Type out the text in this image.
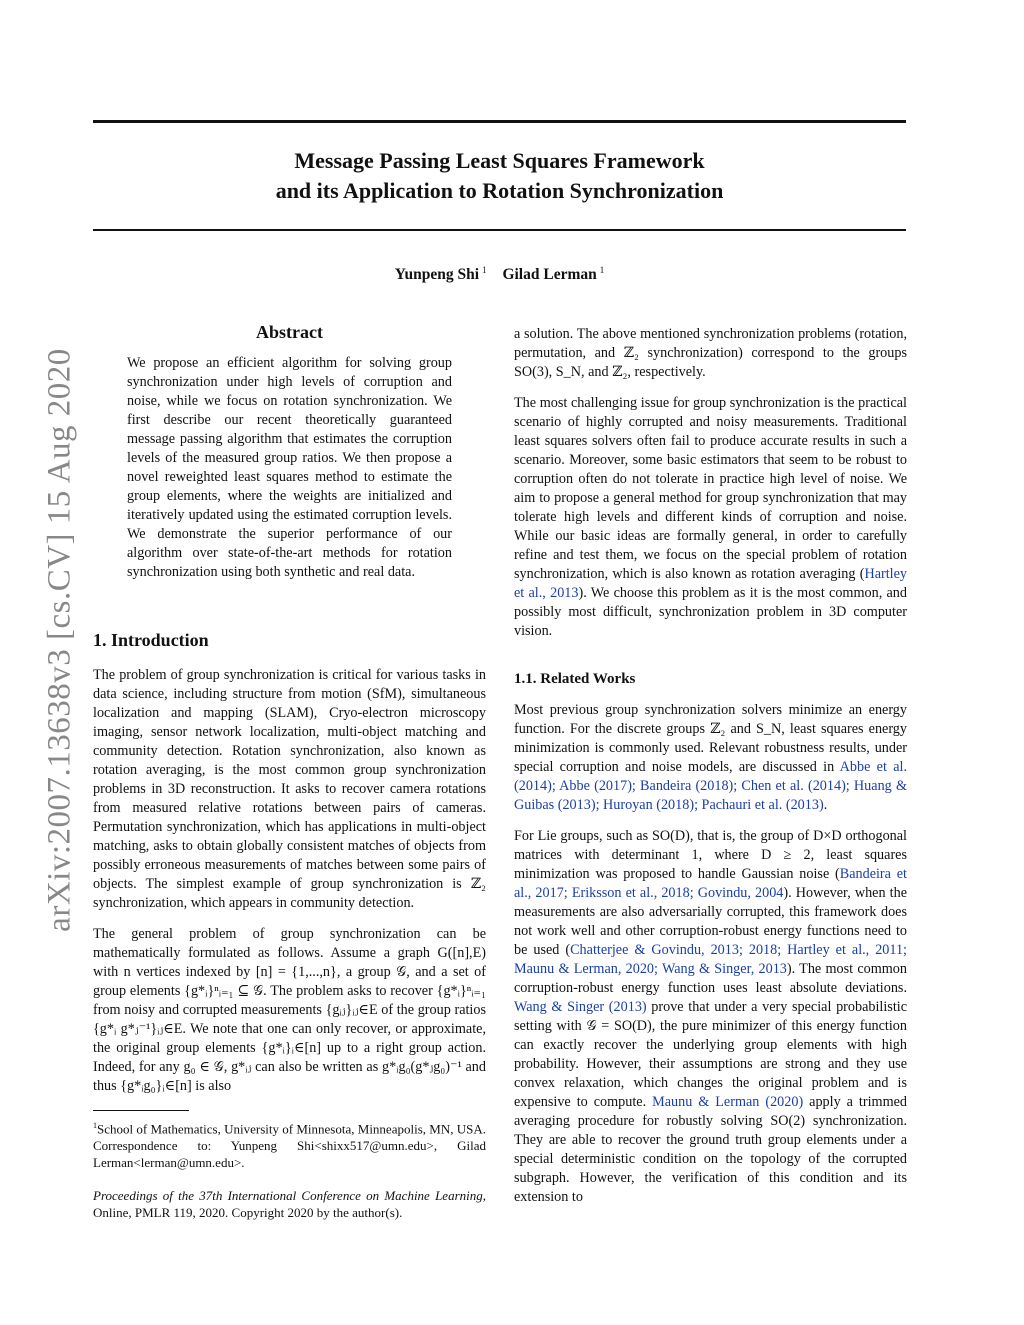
Message Passing Least Squares Framework
and its Application to Rotation Synchronization
Yunpeng Shi $^1$ Gilad Lerman $^1$
arXiv:2007.13638v3 [cs.CV] 15 Aug 2020
Abstract
We propose an efficient algorithm for solving group synchronization under high levels of corruption and noise, while we focus on rotation synchronization. We first describe our recent theoretically guaranteed message passing algorithm that estimates the corruption levels of the measured group ratios. We then propose a novel reweighted least squares method to estimate the group elements, where the weights are initialized and iteratively updated using the estimated corruption levels. We demonstrate the superior performance of our algorithm over state-of-the-art methods for rotation synchronization using both synthetic and real data.
1. Introduction

The problem of group synchronization is critical for various tasks in data science, including structure from motion (SfM), simultaneous localization and mapping (SLAM), Cryo-electron microscopy imaging, sensor network localization, multi-object matching and community detection. Rotation synchronization, also known as rotation averaging, is the most common group synchronization problems in 3D reconstruction. It asks to recover camera rotations from measured relative rotations between pairs of cameras. Permutation synchronization, which has applications in multi-object matching, asks to obtain globally consistent matches of objects from possibly erroneous measurements of matches between some pairs of objects. The simplest example of group synchronization is ℤ₂ synchronization, which appears in community detection.

The general problem of group synchronization can be mathematically formulated as follows. Assume a graph G([n],E) with n vertices indexed by [n] = {1,...,n}, a group 𝒢, and a set of group elements {g*ᵢ}ⁿᵢ₌₁ ⊆ 𝒢. The problem asks to recover {g*ᵢ}ⁿᵢ₌₁ from noisy and corrupted measurements {gᵢⱼ}ᵢⱼ∈E of the group ratios {g*ᵢ g*ⱼ⁻¹}ᵢⱼ∈E. We note that one can only recover, or approximate, the original group elements {g*ᵢ}ᵢ∈[n] up to a right group action. Indeed, for any g₀ ∈ 𝒢, g*ᵢⱼ can also be written as g*ᵢg₀(g*ⱼg₀)⁻¹ and thus {g*ᵢg₀}ᵢ∈[n] is also

$^1$School of Mathematics, University of Minnesota, Minneapolis, MN, USA. Correspondence to: Yunpeng Shi<shixx517@umn.edu>, Gilad Lerman<lerman@umn.edu>.
Proceedings of the 37th International Conference on Machine Learning, Online, PMLR 119, 2020. Copyright 2020 by the author(s).

a solution. The above mentioned synchronization problems (rotation, permutation, and ℤ₂ synchronization) correspond to the groups SO(3), S_N, and ℤ₂, respectively.

The most challenging issue for group synchronization is the practical scenario of highly corrupted and noisy measurements. Traditional least squares solvers often fail to produce accurate results in such a scenario. Moreover, some basic estimators that seem to be robust to corruption often do not tolerate in practice high level of noise. We aim to propose a general method for group synchronization that may tolerate high levels and different kinds of corruption and noise. While our basic ideas are formally general, in order to carefully refine and test them, we focus on the special problem of rotation synchronization, which is also known as rotation averaging (Hartley et al., 2013). We choose this problem as it is the most common, and possibly most difficult, synchronization problem in 3D computer vision.

1.1. Related Works

Most previous group synchronization solvers minimize an energy function. For the discrete groups ℤ₂ and S_N, least squares energy minimization is commonly used. Relevant robustness results, under special corruption and noise models, are discussed in Abbe et al. (2014); Abbe (2017); Bandeira (2018); Chen et al. (2014); Huang & Guibas (2013); Huroyan (2018); Pachauri et al. (2013).

For Lie groups, such as SO(D), that is, the group of D×D orthogonal matrices with determinant 1, where D ≥ 2, least squares minimization was proposed to handle Gaussian noise (Bandeira et al., 2017; Eriksson et al., 2018; Govindu, 2004). However, when the measurements are also adversarially corrupted, this framework does not work well and other corruption-robust energy functions need to be used (Chatterjee & Govindu, 2013; 2018; Hartley et al., 2011; Maunu & Lerman, 2020; Wang & Singer, 2013). The most common corruption-robust energy function uses least absolute deviations. Wang & Singer (2013) prove that under a very special probabilistic setting with 𝒢 = SO(D), the pure minimizer of this energy function can exactly recover the underlying group elements with high probability. However, their assumptions are strong and they use convex relaxation, which changes the original problem and is expensive to compute. Maunu & Lerman (2020) apply a trimmed averaging procedure for robustly solving SO(2) synchronization. They are able to recover the ground truth group elements under a special deterministic condition on the topology of the corrupted subgraph. However, the verification of this condition and its extension to
